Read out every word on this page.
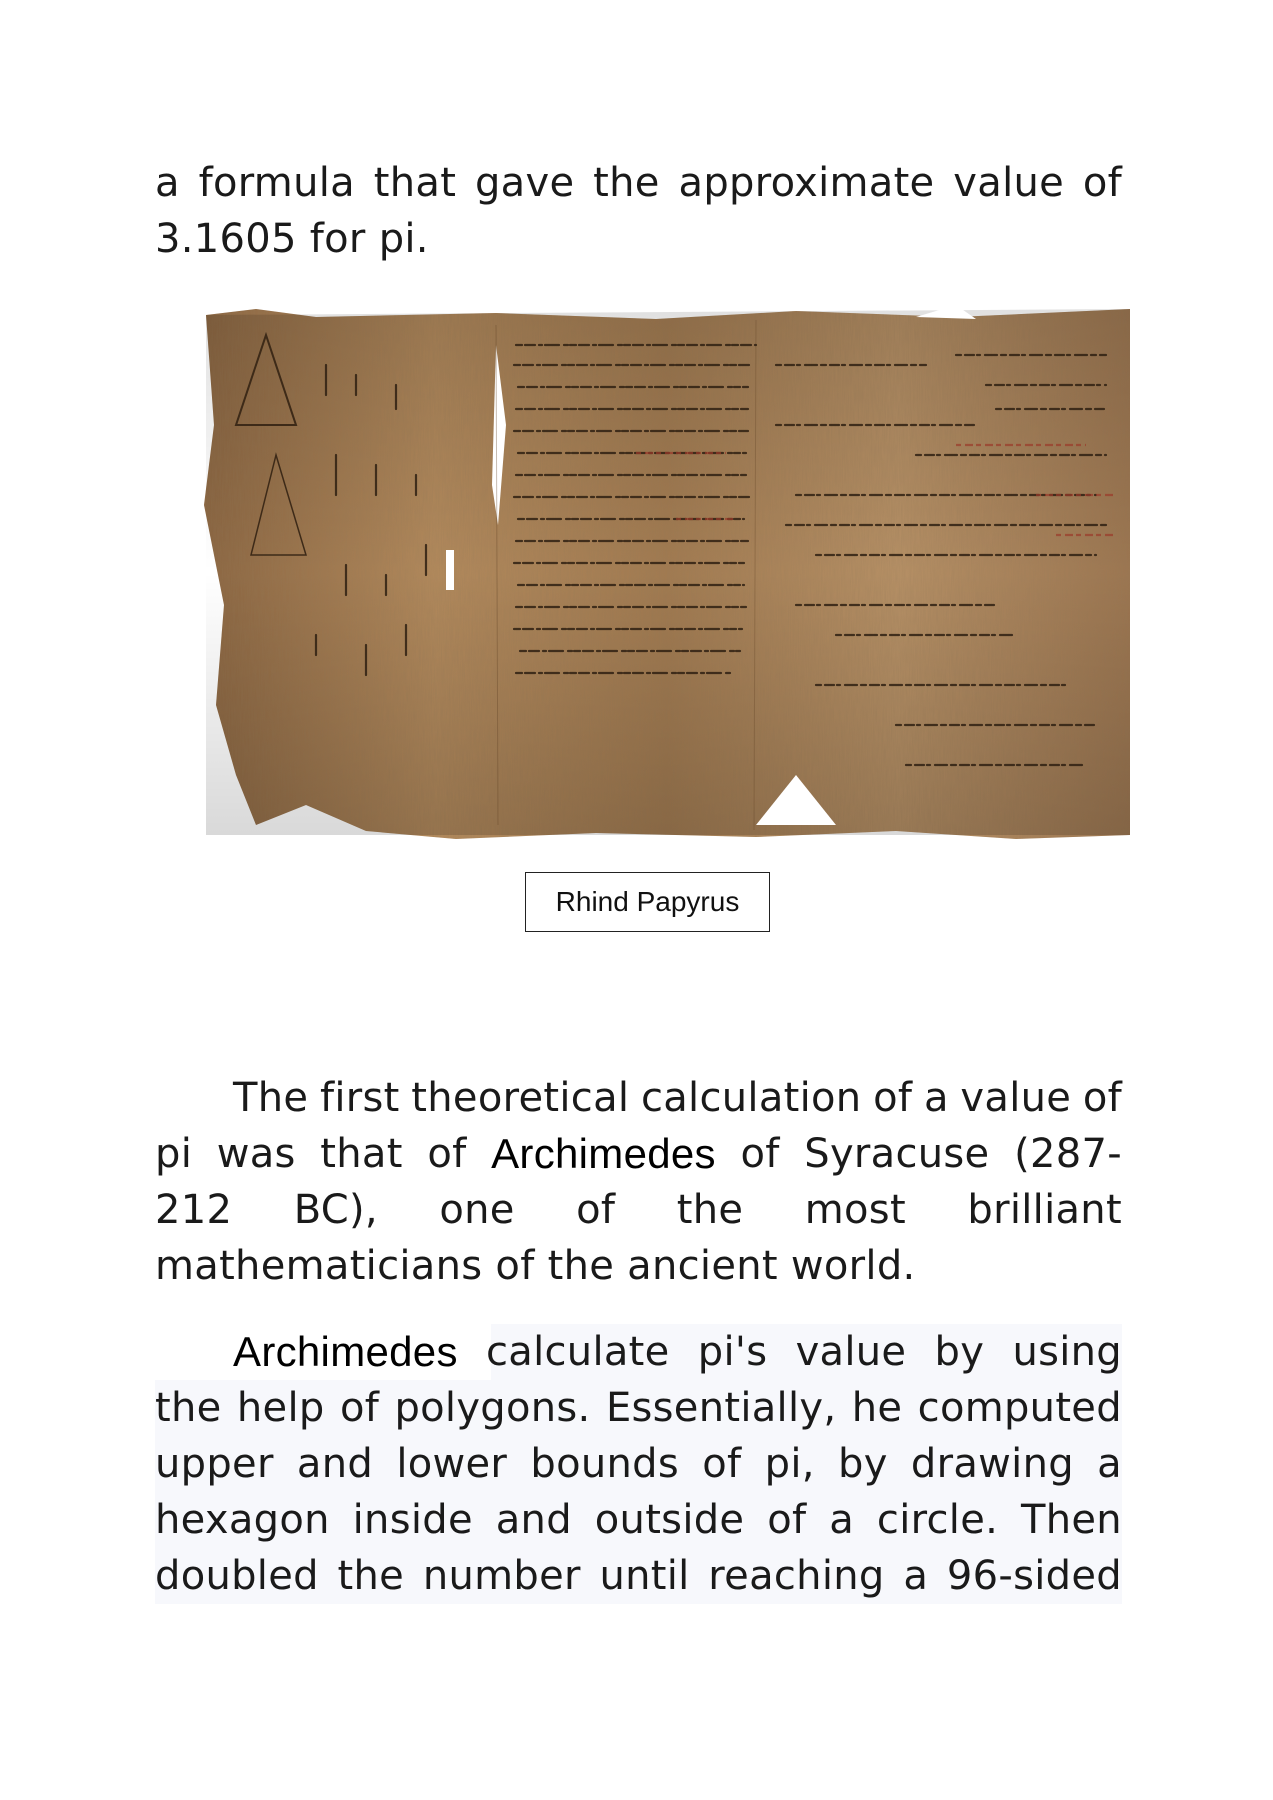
a formula that gave the approximate value of
3.1605 for pi.
Rhind Papyrus
The first theoretical calculation of a value of
pi was that of Archimedes of Syracuse (287-
212 BC), one of the most brilliant
mathematicians of the ancient world.
Archimedes calculate pi's value by using
the help of polygons. Essentially, he computed
upper and lower bounds of pi, by drawing a
hexagon inside and outside of a circle. Then
doubled the number until reaching a 96-sided
